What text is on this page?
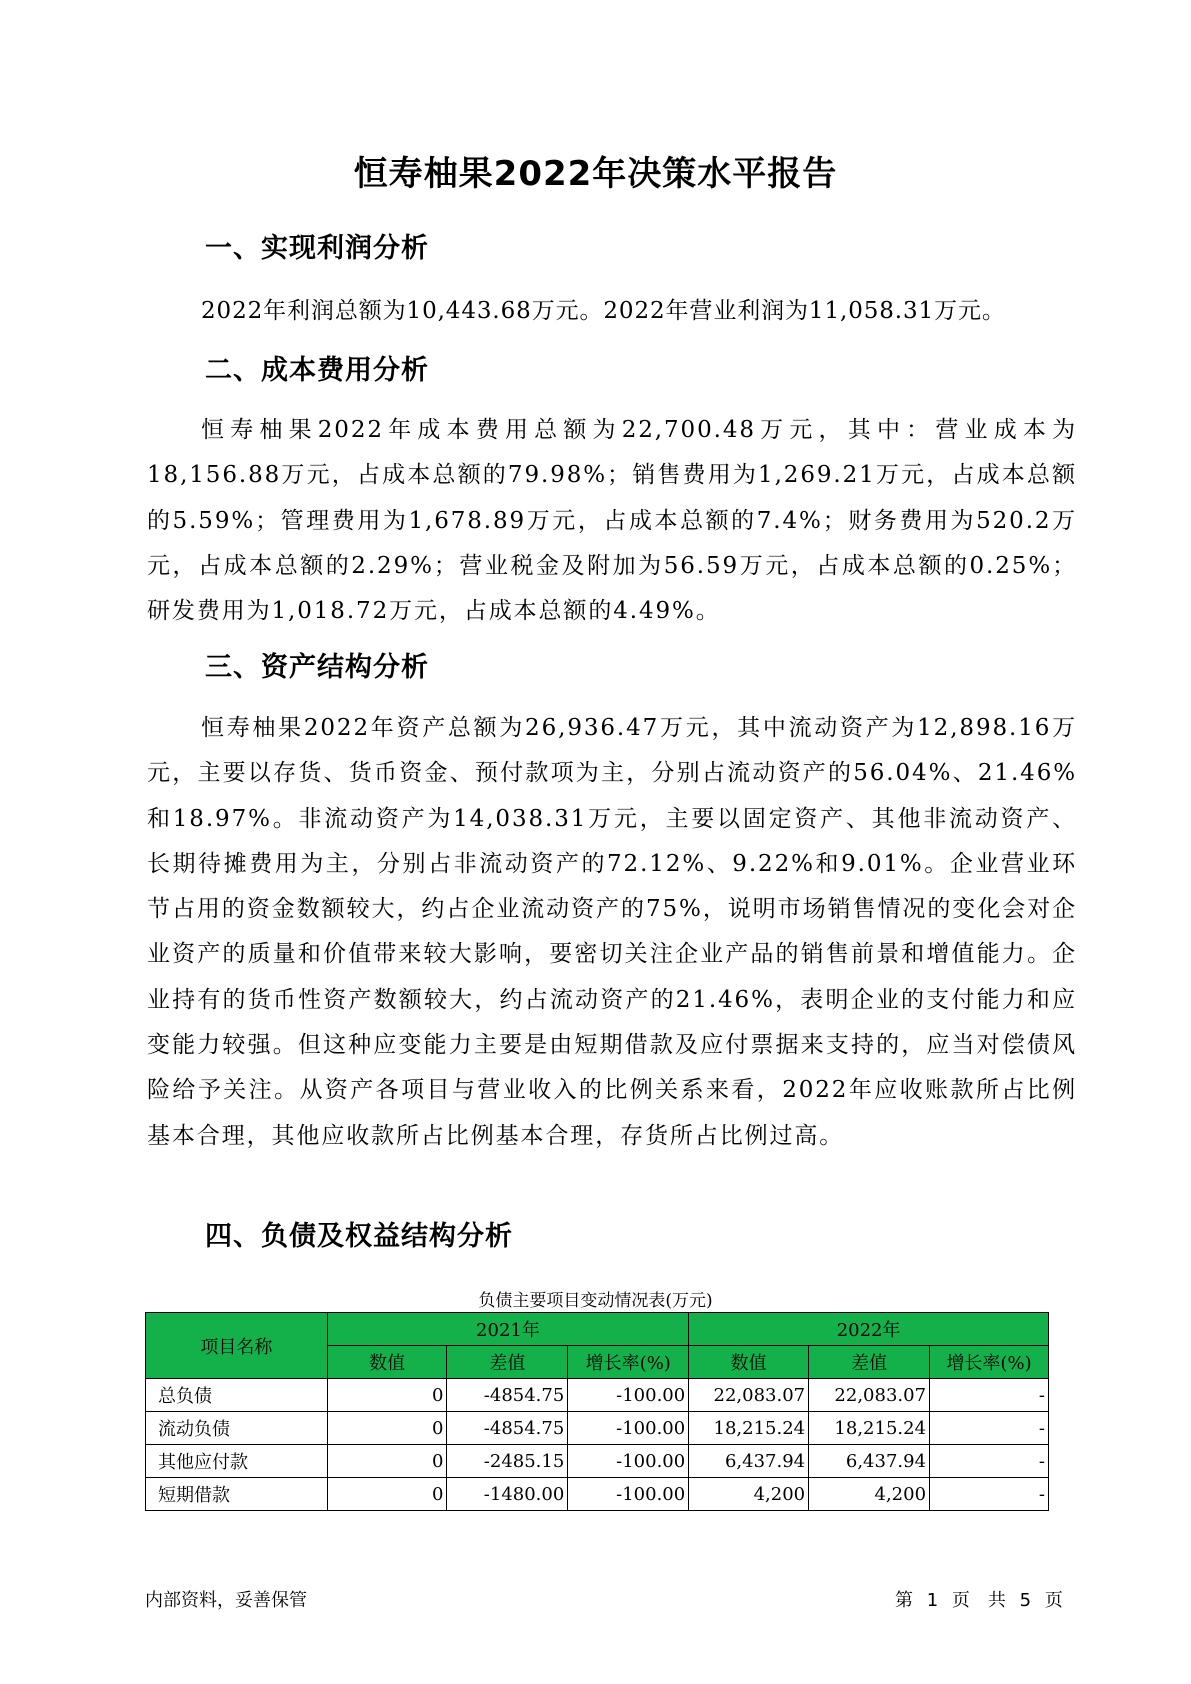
恒寿柚果2022年决策水平报告
一、实现利润分析

2022年利润总额为10,443.68万元。2022年营业利润为11,058.31万元。

二、成本费用分析

恒寿柚果2022年成本费用总额为22,700.48万元，其中：营业成本为18,156.88万元，占成本总额的79.98%；销售费用为1,269.21万元，占成本总额的5.59%；管理费用为1,678.89万元，占成本总额的7.4%；财务费用为520.2万元，占成本总额的2.29%；营业税金及附加为56.59万元，占成本总额的0.25%；研发费用为1,018.72万元，占成本总额的4.49%。

三、资产结构分析

恒寿柚果2022年资产总额为26,936.47万元，其中流动资产为12,898.16万元，主要以存货、货币资金、预付款项为主，分别占流动资产的56.04%、21.46%和18.97%。非流动资产为14,038.31万元，主要以固定资产、其他非流动资产、长期待摊费用为主，分别占非流动资产的72.12%、9.22%和9.01%。企业营业环节占用的资金数额较大，约占企业流动资产的75%，说明市场销售情况的变化会对企业资产的质量和价值带来较大影响，要密切关注企业产品的销售前景和增值能力。企业持有的货币性资产数额较大，约占流动资产的21.46%，表明企业的支付能力和应变能力较强。但这种应变能力主要是由短期借款及应付票据来支持的，应当对偿债风险给予关注。从资产各项目与营业收入的比例关系来看，2022年应收账款所占比例基本合理，其他应收款所占比例基本合理，存货所占比例过高。

四、负债及权益结构分析
负债主要项目变动情况表(万元)
项目名称	2021年			2022年		
	数值	差值	增长率(%)	数值	差值	增长率(%)
总负债	0	-4854.75	-100.00	22,083.07	22,083.07	-
流动负债	0	-4854.75	-100.00	18,215.24	18,215.24	-
其他应付款	0	-2485.15	-100.00	6,437.94	6,437.94	-
短期借款	0	-1480.00	-100.00	4,200	4,200	-
内部资料，妥善保管	第 1 页　共 5 页
